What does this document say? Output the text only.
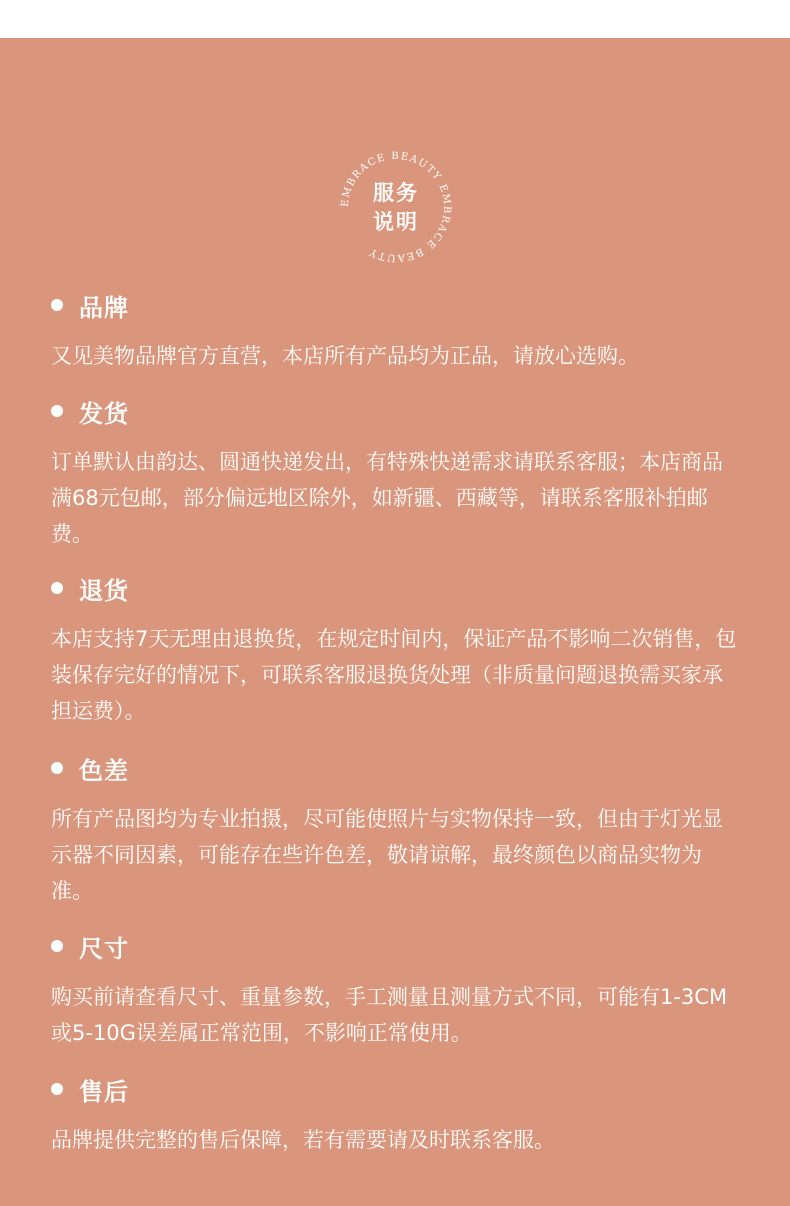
EMBRACE BEAUTY EMBRACE BEAUTY
服务
说明
品牌
又见美物品牌官方直营，本店所有产品均为正品，请放心选购。
发货
订单默认由韵达、圆通快递发出，有特殊快递需求请联系客服；本店商品满68元包邮，部分偏远地区除外，如新疆、西藏等，请联系客服补拍邮费。
退货
本店支持7天无理由退换货，在规定时间内，保证产品不影响二次销售，包装保存完好的情况下，可联系客服退换货处理（非质量问题退换需买家承担运费）。
色差
所有产品图均为专业拍摄，尽可能使照片与实物保持一致，但由于灯光显示器不同因素，可能存在些许色差，敬请谅解，最终颜色以商品实物为准。
尺寸
购买前请查看尺寸、重量参数，手工测量且测量方式不同，可能有1-3CM或5-10G误差属正常范围，不影响正常使用。
售后
品牌提供完整的售后保障，若有需要请及时联系客服。
